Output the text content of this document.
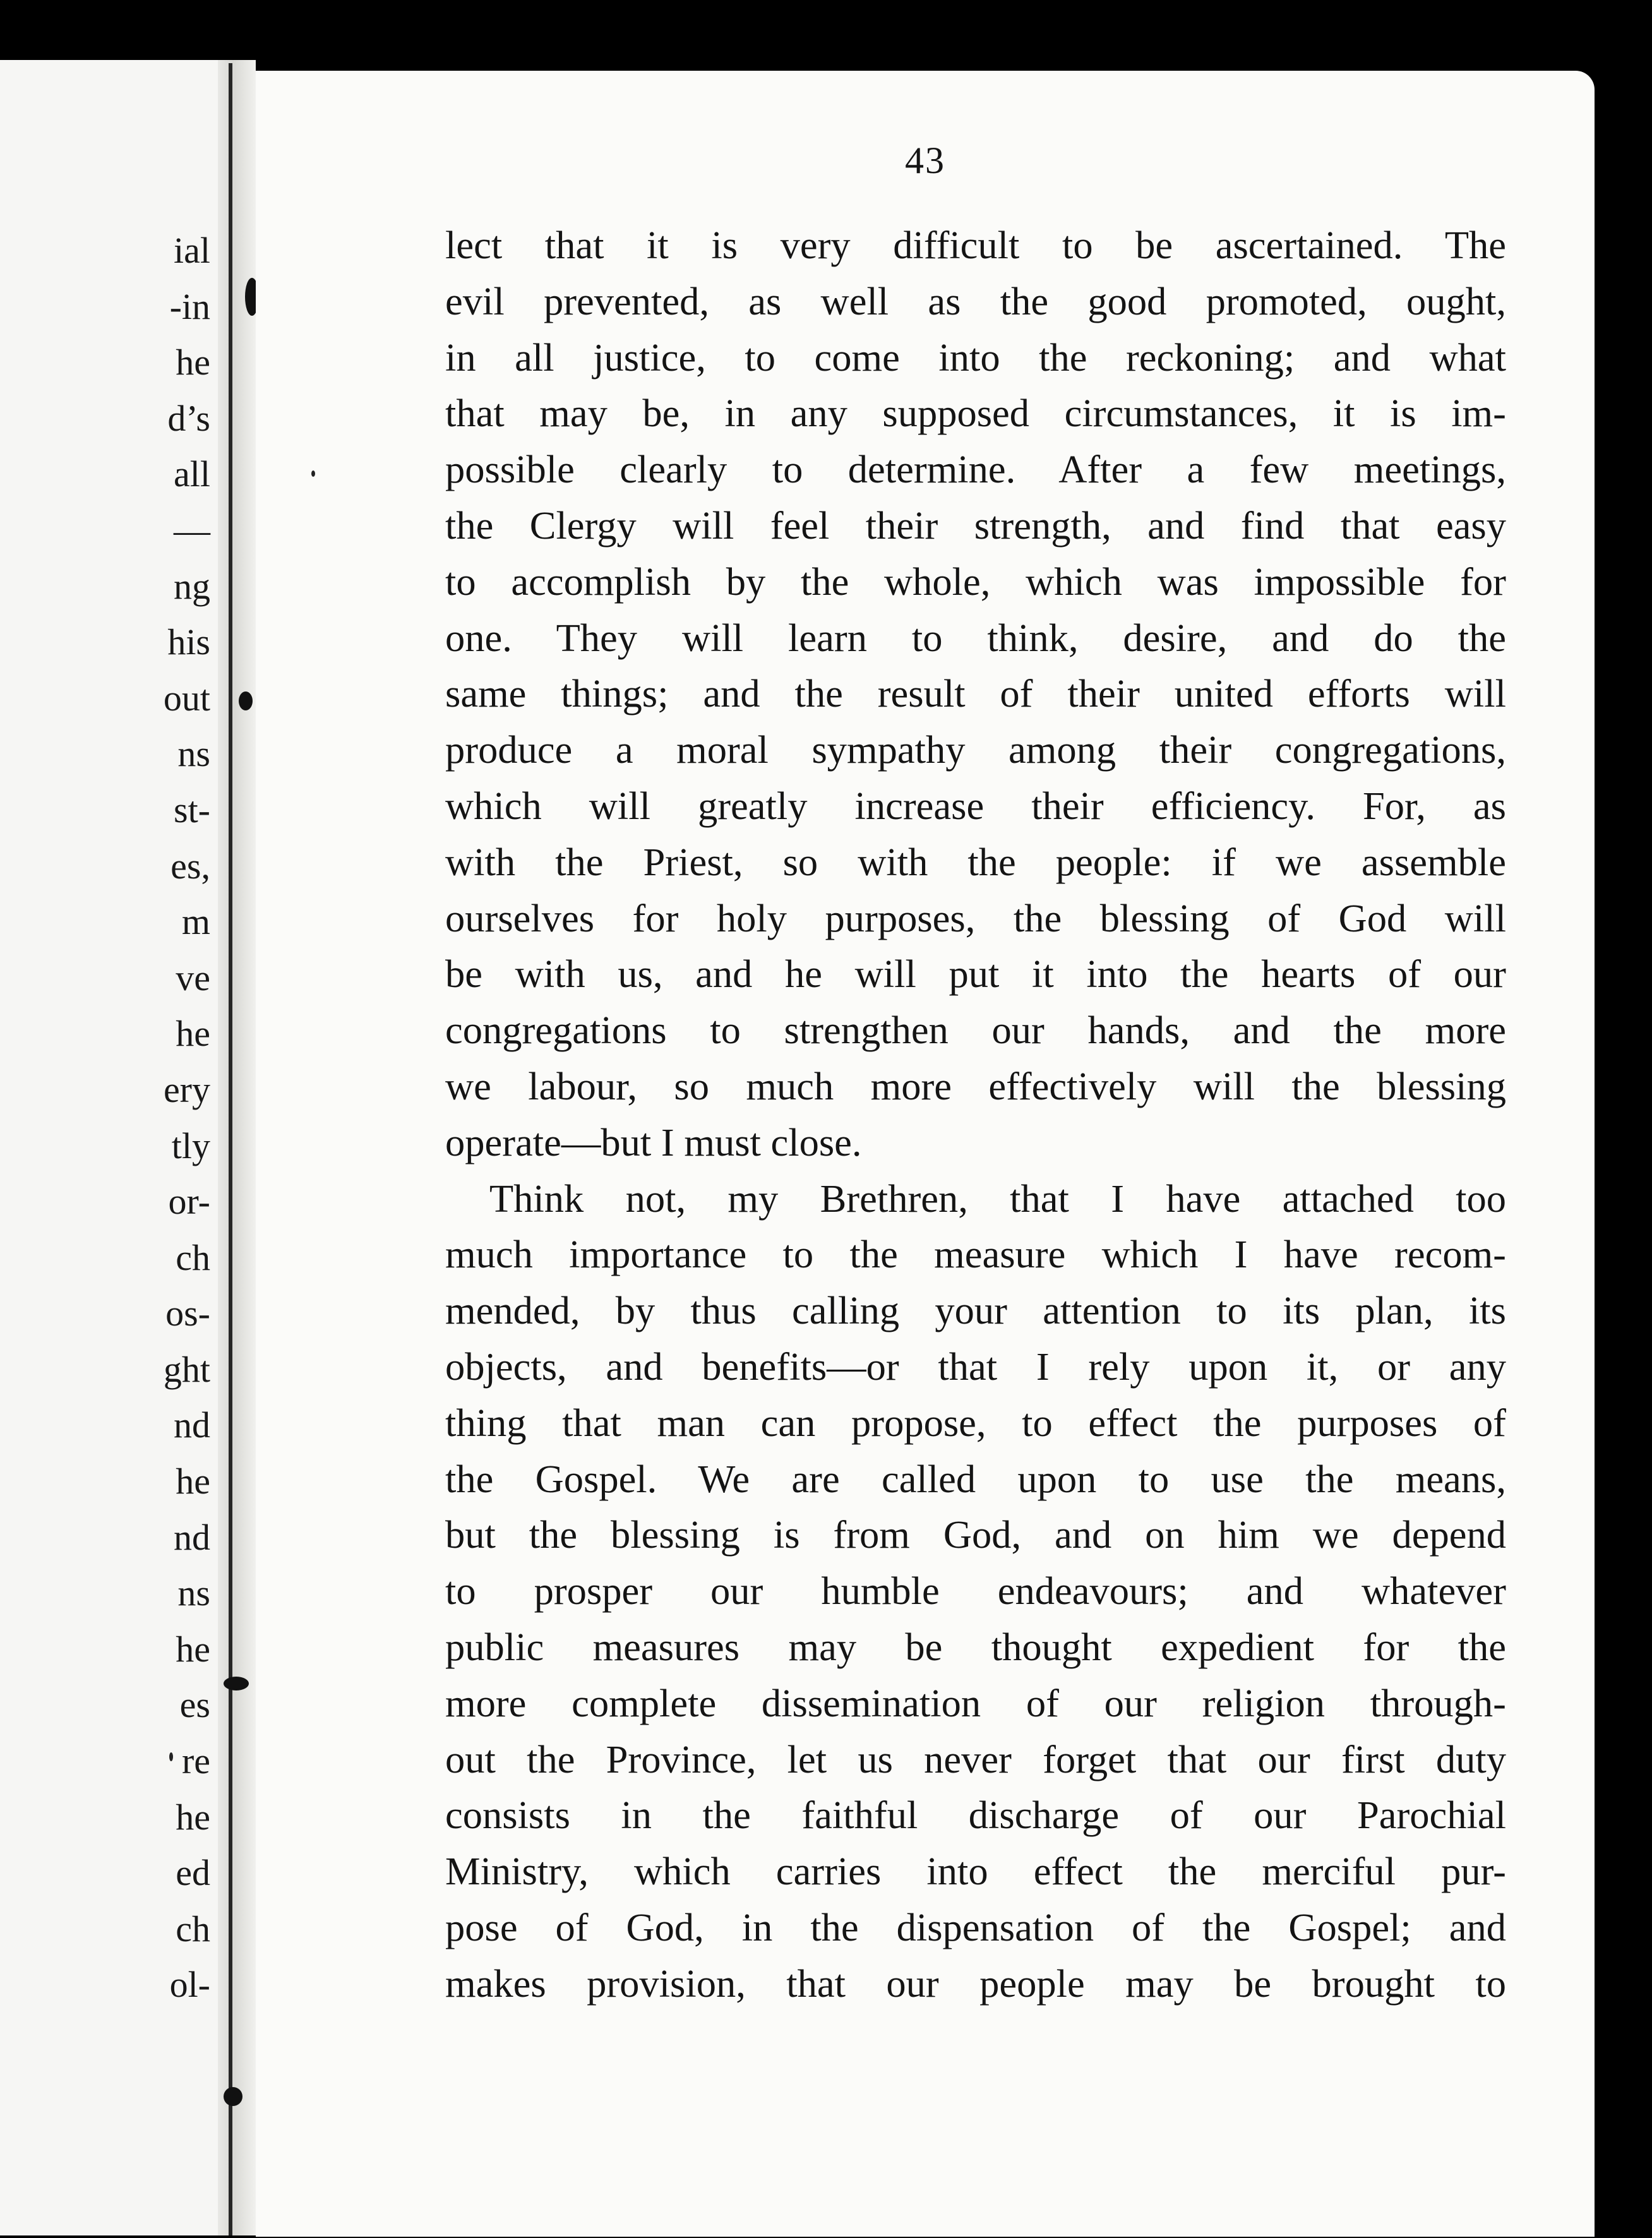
ial
-in
he
d’s
all
—
ng
his
out
ns
st-
es,
m
ve
he
ery
tly
or-
ch
os-
ght
nd
he
nd
ns
he
es
re
he
ed
ch
ol-
43
lect that it is very difficult to be ascertained. The
evil prevented, as well as the good promoted, ought,
in all justice, to come into the reckoning; and what
that may be, in any supposed circumstances, it is im-
possible clearly to determine. After a few meetings,
the Clergy will feel their strength, and find that easy
to accomplish by the whole, which was impossible for
one. They will learn to think, desire, and do the
same things; and the result of their united efforts will
produce a moral sympathy among their congregations,
which will greatly increase their efficiency. For, as
with the Priest, so with the people: if we assemble
ourselves for holy purposes, the blessing of God will
be with us, and he will put it into the hearts of our
congregations to strengthen our hands, and the more
we labour, so much more effectively will the blessing
operate—but I must close.
Think not, my Brethren, that I have attached too
much importance to the measure which I have recom-
mended, by thus calling your attention to its plan, its
objects, and benefits—or that I rely upon it, or any
thing that man can propose, to effect the purposes of
the Gospel. We are called upon to use the means,
but the blessing is from God, and on him we depend
to prosper our humble endeavours; and whatever
public measures may be thought expedient for the
more complete dissemination of our religion through-
out the Province, let us never forget that our first duty
consists in the faithful discharge of our Parochial
Ministry, which carries into effect the merciful pur-
pose of God, in the dispensation of the Gospel; and
makes provision, that our people may be brought to
